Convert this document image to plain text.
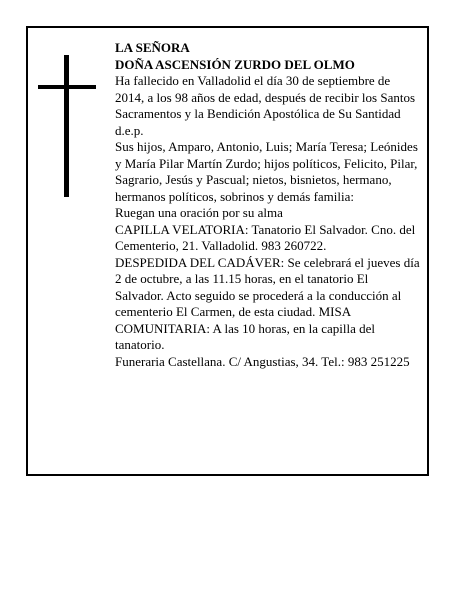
LA SEÑORA

DOÑA ASCENSIÓN ZURDO DEL OLMO

Ha fallecido en Valladolid el día 30 de septiembre de 2014, a los 98 años de edad, después de recibir los Santos Sacramentos y la Bendición Apostólica de Su Santidad

d.e.p.

Sus hijos, Amparo, Antonio, Luis; María Teresa; Leónides y María Pilar Martín Zurdo; hijos políticos, Felicito, Pilar, Sagrario, Jesús y Pascual; nietos, bisnietos, hermano, hermanos políticos, sobrinos y demás familia:

Ruegan una oración por su alma

CAPILLA VELATORIA: Tanatorio El Salvador. Cno. del Cementerio, 21. Valladolid. 983 260722.

DESPEDIDA DEL CADÁVER: Se celebrará el jueves día 2 de octubre, a las 11.15 horas, en el tanatorio El Salvador. Acto seguido se procederá a la conducción al cementerio El Carmen, de esta ciudad. MISA COMUNITARIA: A las 10 horas, en la capilla del tanatorio.

Funeraria Castellana. C/ Angustias, 34. Tel.: 983 251225
